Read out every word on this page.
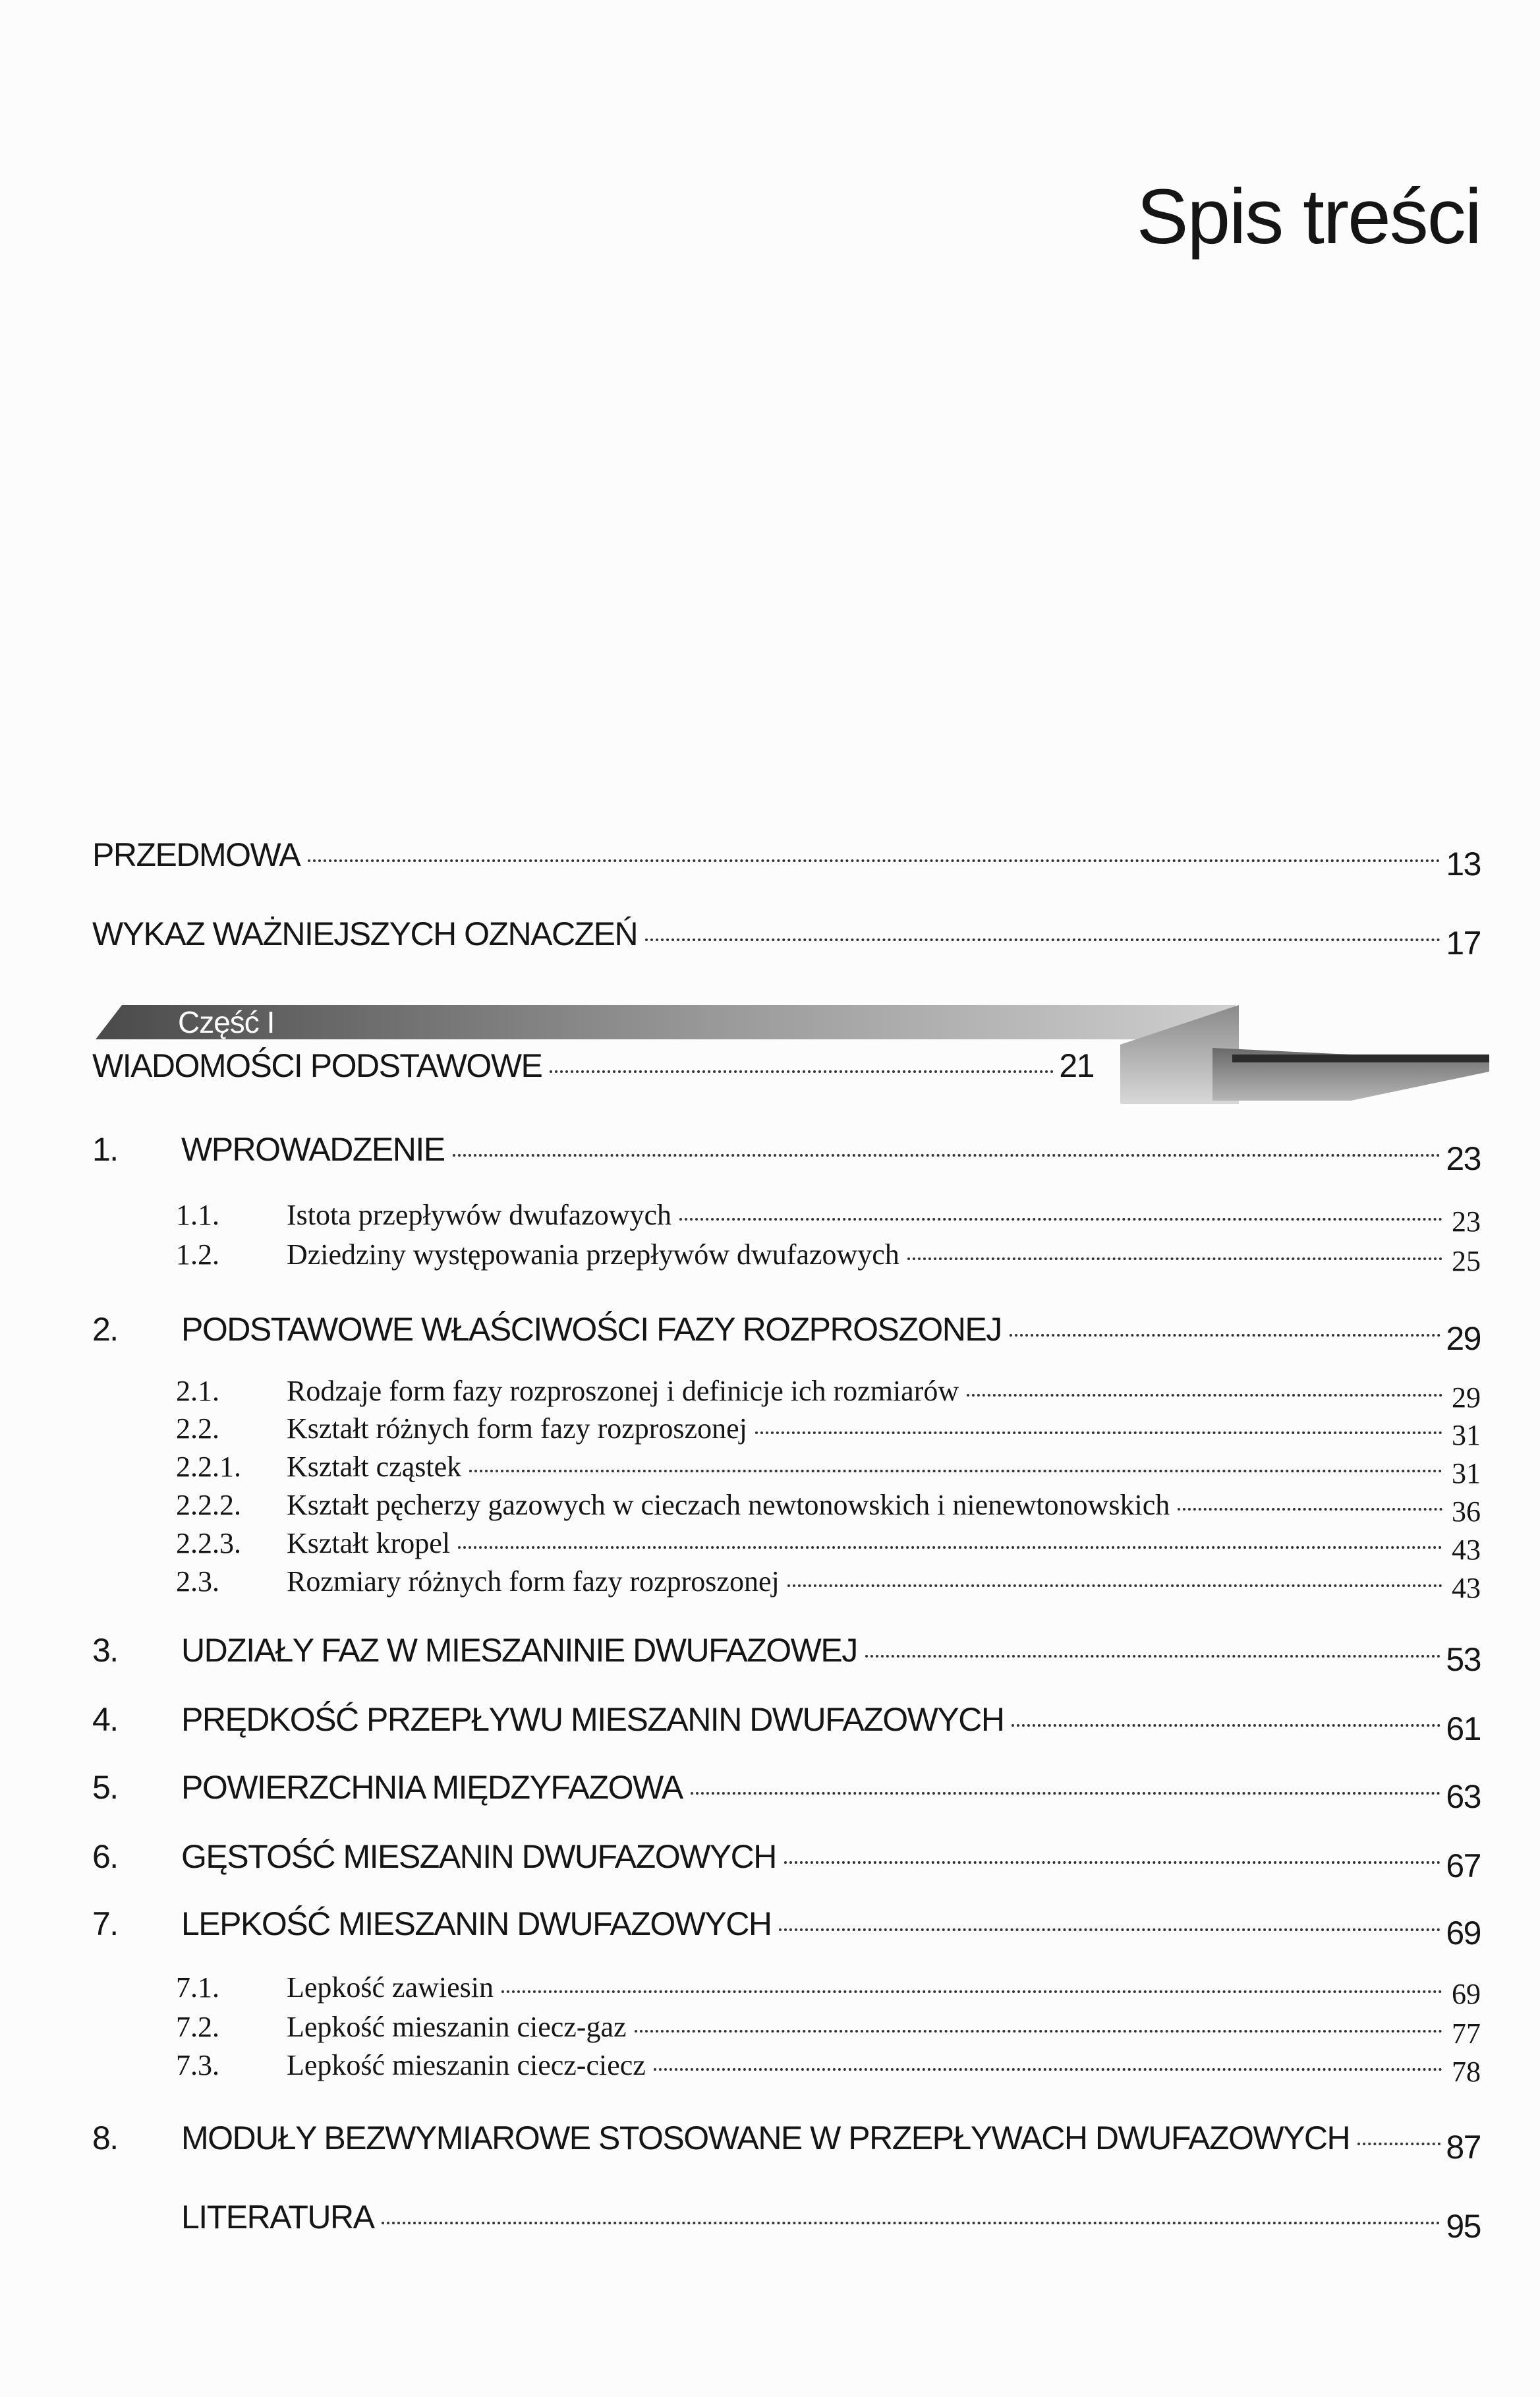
Spis treści
PRZEDMOWA	13
WYKAZ WAŻNIEJSZYCH OZNACZEŃ	17
Część I
WIADOMOŚCI PODSTAWOWE	21
1.	WPROWADZENIE	23
1.1.	Istota przepływów dwufazowych	23
1.2.	Dziedziny występowania przepływów dwufazowych	25
2.	PODSTAWOWE WŁAŚCIWOŚCI FAZY ROZPROSZONEJ	29
2.1.	Rodzaje form fazy rozproszonej i definicje ich rozmiarów	29
2.2.	Kształt różnych form fazy rozproszonej	31
2.2.1.	Kształt cząstek	31
2.2.2.	Kształt pęcherzy gazowych w cieczach newtonowskich i nienewtonowskich	36
2.2.3.	Kształt kropel	43
2.3.	Rozmiary różnych form fazy rozproszonej	43
3.	UDZIAŁY FAZ W MIESZANINIE DWUFAZOWEJ	53
4.	PRĘDKOŚĆ PRZEPŁYWU MIESZANIN DWUFAZOWYCH	61
5.	POWIERZCHNIA MIĘDZYFAZOWA	63
6.	GĘSTOŚĆ MIESZANIN DWUFAZOWYCH	67
7.	LEPKOŚĆ MIESZANIN DWUFAZOWYCH	69
7.1.	Lepkość zawiesin	69
7.2.	Lepkość mieszanin ciecz-gaz	77
7.3.	Lepkość mieszanin ciecz-ciecz	78
8.	MODUŁY BEZWYMIAROWE STOSOWANE W PRZEPŁYWACH DWUFAZOWYCH	87
LITERATURA	95
